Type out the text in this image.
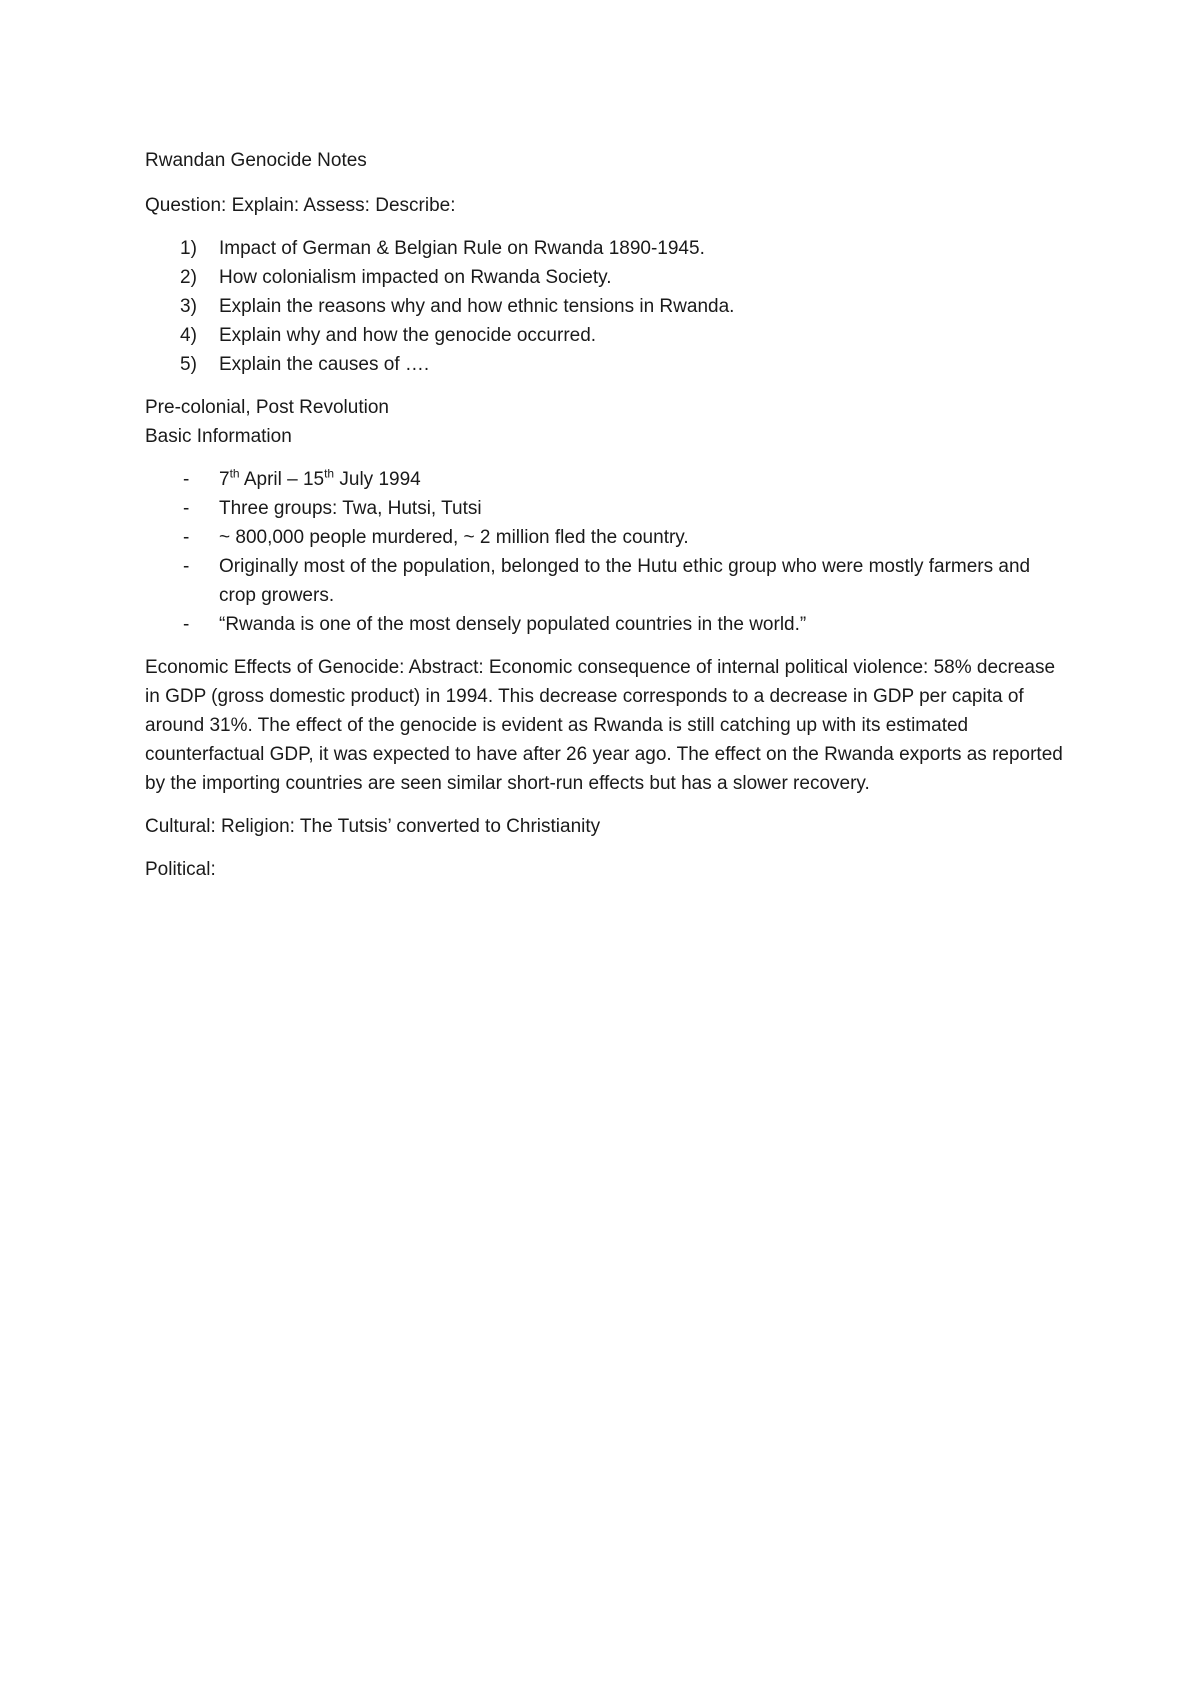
Rwandan Genocide Notes

Question: Explain: Assess: Describe:

1) Impact of German & Belgian Rule on Rwanda 1890-1945.
2) How colonialism impacted on Rwanda Society.
3) Explain the reasons why and how ethnic tensions in Rwanda.
4) Explain why and how the genocide occurred.
5) Explain the causes of ….

Pre-colonial, Post Revolution

Basic Information

- 7th April – 15th July 1994
- Three groups: Twa, Hutsi, Tutsi
- ~ 800,000 people murdered, ~ 2 million fled the country.
- Originally most of the population, belonged to the Hutu ethic group who were mostly farmers and crop growers.
- “Rwanda is one of the most densely populated countries in the world.”

Economic Effects of Genocide: Abstract: Economic consequence of internal political violence: 58% decrease in GDP (gross domestic product) in 1994. This decrease corresponds to a decrease in GDP per capita of around 31%. The effect of the genocide is evident as Rwanda is still catching up with its estimated counterfactual GDP, it was expected to have after 26 year ago. The effect on the Rwanda exports as reported by the importing countries are seen similar short-run effects but has a slower recovery.

Cultural: Religion: The Tutsis’ converted to Christianity

Political:
